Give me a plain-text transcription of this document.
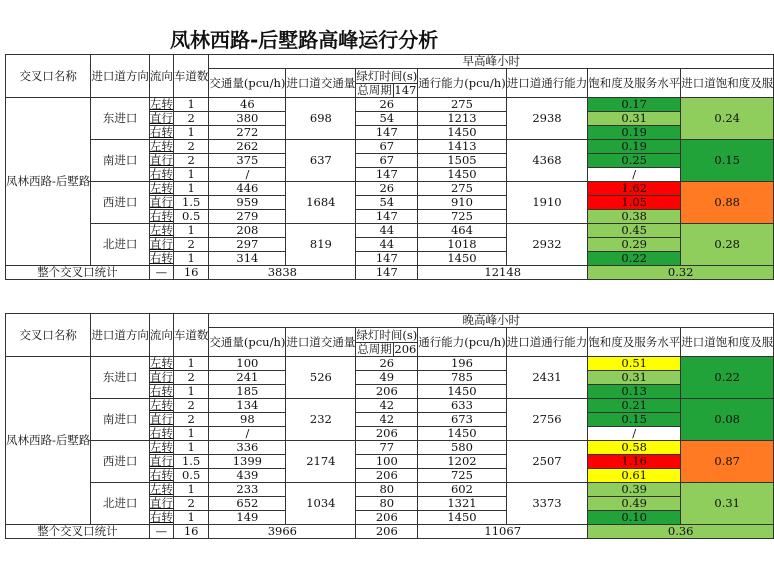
凤林西路-后墅路高峰运行分析
交叉口名称	进口道方向	流向	车道数	早高峰小时							
				交通量(pcu/h)	进口道交通量	绿灯时间(s)		通行能力(pcu/h)	进口道通行能力	饱和度及服务水平	进口道饱和度及服
						总周期	147				
凤林西路-后墅路	东进口	左转	1	46	698	26		275	2938	0.17	0.24
		直行	2	380		54		1213		0.31	
		右转	1	272		147		1450		0.19	
	南进口	左转	2	262	637	67		1413	4368	0.19	0.15
		直行	2	375		67		1505		0.25	
		右转	1	/		147		1450		/	
	西进口	左转	1	446	1684	26		275	1910	1.62	0.88
		直行	1.5	959		54		910		1.05	
		右转	0.5	279		147		725		0.38	
	北进口	左转	1	208	819	44		464	2932	0.45	0.28
		直行	2	297		44		1018		0.29	
		右转	1	314		147		1450		0.22	
整个交叉口统计		—	16	3838		147		12148		0.32	
交叉口名称	进口道方向	流向	车道数	晚高峰小时							
				交通量(pcu/h)	进口道交通量	绿灯时间(s)		通行能力(pcu/h)	进口道通行能力	饱和度及服务水平	进口道饱和度及服
						总周期	206				
凤林西路-后墅路	东进口	左转	1	100	526	26		196	2431	0.51	0.22
		直行	2	241		49		785		0.31	
		右转	1	185		206		1450		0.13	
	南进口	左转	2	134	232	42		633	2756	0.21	0.08
		直行	2	98		42		673		0.15	
		右转	1	/		206		1450		/	
	西进口	左转	1	336	2174	77		580	2507	0.58	0.87
		直行	1.5	1399		100		1202		1.16	
		右转	0.5	439		206		725		0.61	
	北进口	左转	1	233	1034	80		602	3373	0.39	0.31
		直行	2	652		80		1321		0.49	
		右转	1	149		206		1450		0.10	
整个交叉口统计		—	16	3966		206		11067		0.36	
